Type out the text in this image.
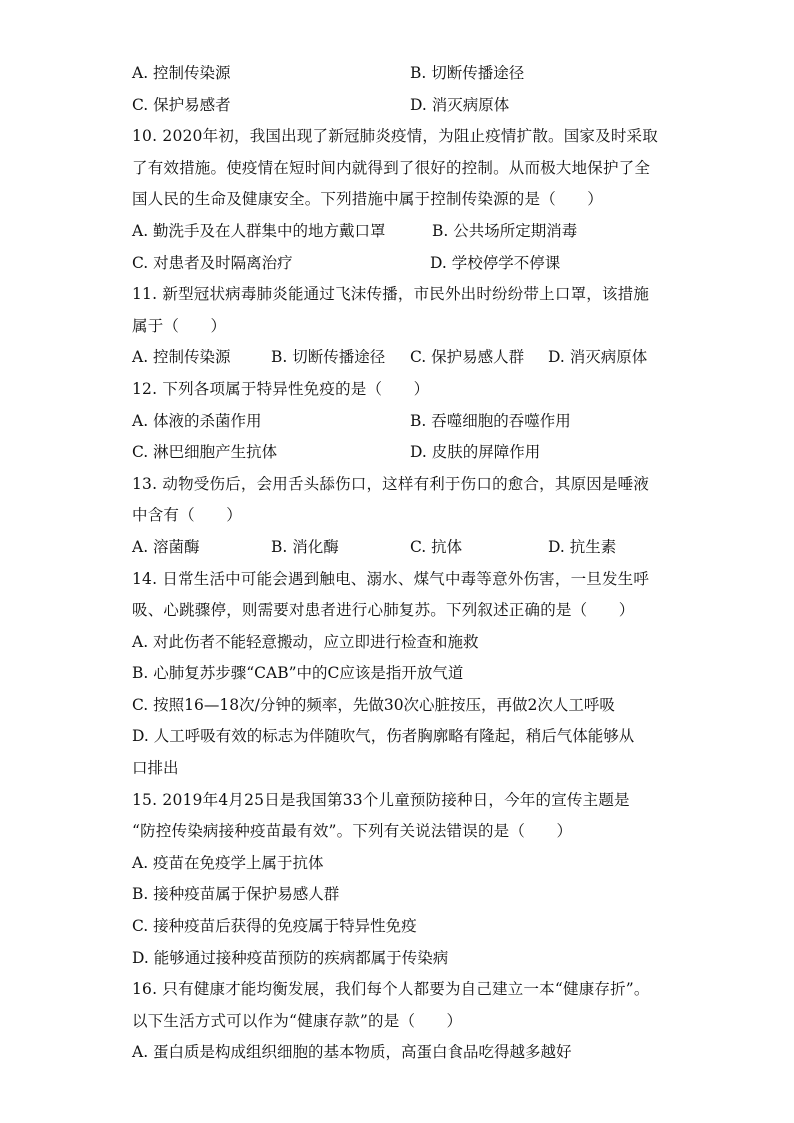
A. 控制传染源	B. 切断传播途径
C. 保护易感者	D. 消灭病原体
10. 2020年初，我国出现了新冠肺炎疫情，为阻止疫情扩散。国家及时采取
了有效措施。使疫情在短时间内就得到了很好的控制。从而极大地保护了全
国人民的生命及健康安全。下列措施中属于控制传染源的是（　　）
A. 勤洗手及在人群集中的地方戴口罩	B. 公共场所定期消毒
C. 对患者及时隔离治疗	D. 学校停学不停课
11. 新型冠状病毒肺炎能通过飞沫传播，市民外出时纷纷带上口罩，该措施
属于（　　）
A. 控制传染源	B. 切断传播途径 C. 保护易感人群 D. 消灭病原体
12. 下列各项属于特异性免疫的是（　　）
A. 体液的杀菌作用	B. 吞噬细胞的吞噬作用
C. 淋巴细胞产生抗体	D. 皮肤的屏障作用
13. 动物受伤后，会用舌头舔伤口，这样有利于伤口的愈合，其原因是唾液
中含有（　　）
A. 溶菌酶	B. 消化酶	C. 抗体	D. 抗生素
14. 日常生活中可能会遇到触电、溺水、煤气中毒等意外伤害，一旦发生呼
吸、心跳骤停，则需要对患者进行心肺复苏。下列叙述正确的是（　　）
A. 对此伤者不能轻意搬动，应立即进行检查和施救
B. 心肺复苏步骤“CAB”中的C应该是指开放气道
C. 按照16—18次/分钟的频率，先做30次心脏按压，再做2次人工呼吸
D. 人工呼吸有效的标志为伴随吹气，伤者胸廓略有隆起，稍后气体能够从
口排出
15. 2019年4月25日是我国第33个儿童预防接种日，今年的宣传主题是
“防控传染病接种疫苗最有效”。下列有关说法错误的是（　　）
A. 疫苗在免疫学上属于抗体
B. 接种疫苗属于保护易感人群
C. 接种疫苗后获得的免疫属于特异性免疫
D. 能够通过接种疫苗预防的疾病都属于传染病
16. 只有健康才能均衡发展，我们每个人都要为自己建立一本“健康存折”。
以下生活方式可以作为“健康存款”的是（　　）
A. 蛋白质是构成组织细胞的基本物质，高蛋白食品吃得越多越好
